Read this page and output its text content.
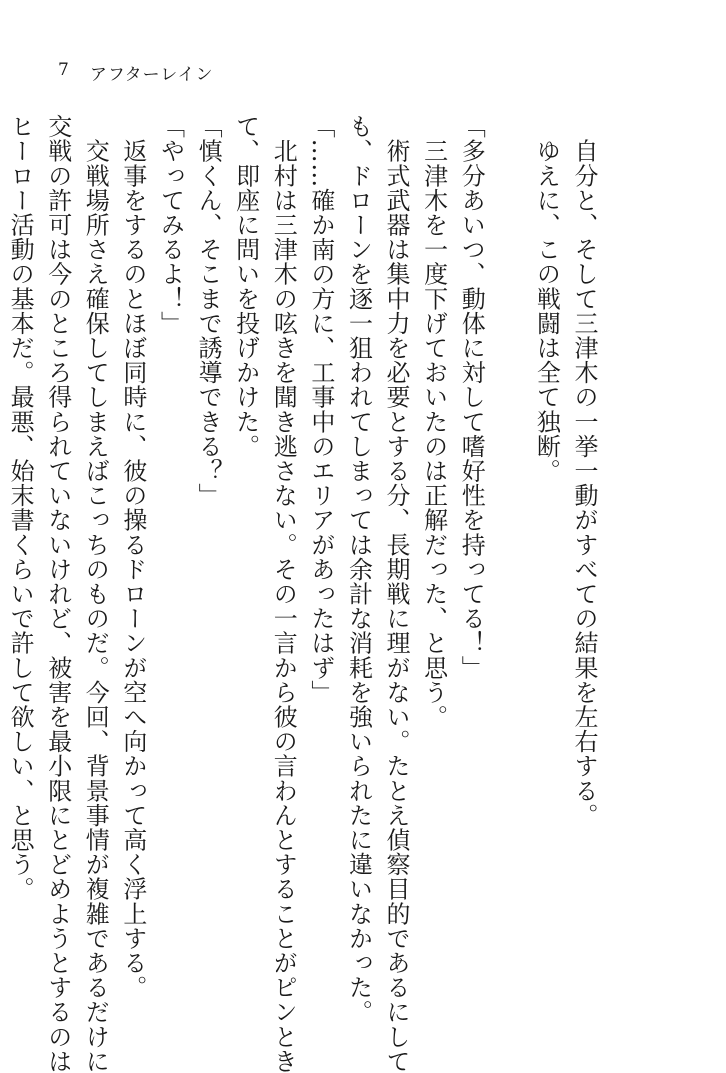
7 アフターレイン
　自分と、そして三津木の一挙一動がすべての結果を左右する。
　ゆえに、この戦闘は全て独断。
「多分あいつ、動体に対して嗜好性を持ってる！」
　三津木を一度下げておいたのは正解だった、と思う。
　術式武器は集中力を必要とする分、長期戦に理がない。たとえ偵察目的であるにして
も、ドローンを逐一狙われてしまっては余計な消耗を強いられたに違いなかった。
「……確か南の方に、工事中のエリアがあったはず」
　北村は三津木の呟きを聞き逃さない。その一言から彼の言わんとすることがピンとき
て、即座に問いを投げかけた。
「慎くん、そこまで誘導できる？」
「やってみるよ！」
　返事をするのとほぼ同時に、彼の操るドローンが空へ向かって高く浮上する。
　交戦場所さえ確保してしまえばこっちのものだ。今回、背景事情が複雑であるだけに
交戦の許可は今のところ得られていないけれど、被害を最小限にとどめようとするのは
ヒーロー活動の基本だ。最悪、始末書くらいで許して欲しい、と思う。
